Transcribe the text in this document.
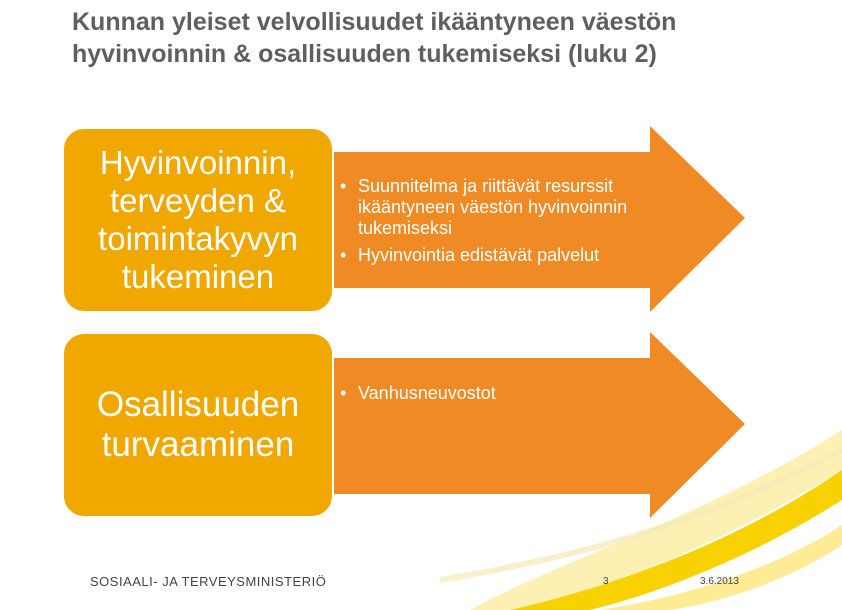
Kunnan yleiset velvollisuudet ikääntyneen väestön hyvinvoinnin & osallisuuden tukemiseksi (luku 2)
• Suunnitelma ja riittävät resurssit ikääntyneen väestön hyvinvoinnin tukemiseksi
• Hyvinvointia edistävät palvelut
• Vanhusneuvostot
Hyvinvoinnin, terveyden & toimintakyvyn tukeminen
Osallisuuden turvaaminen
SOSIAALI- JA TERVEYSMINISTERIÖ	3	3.6.2013
